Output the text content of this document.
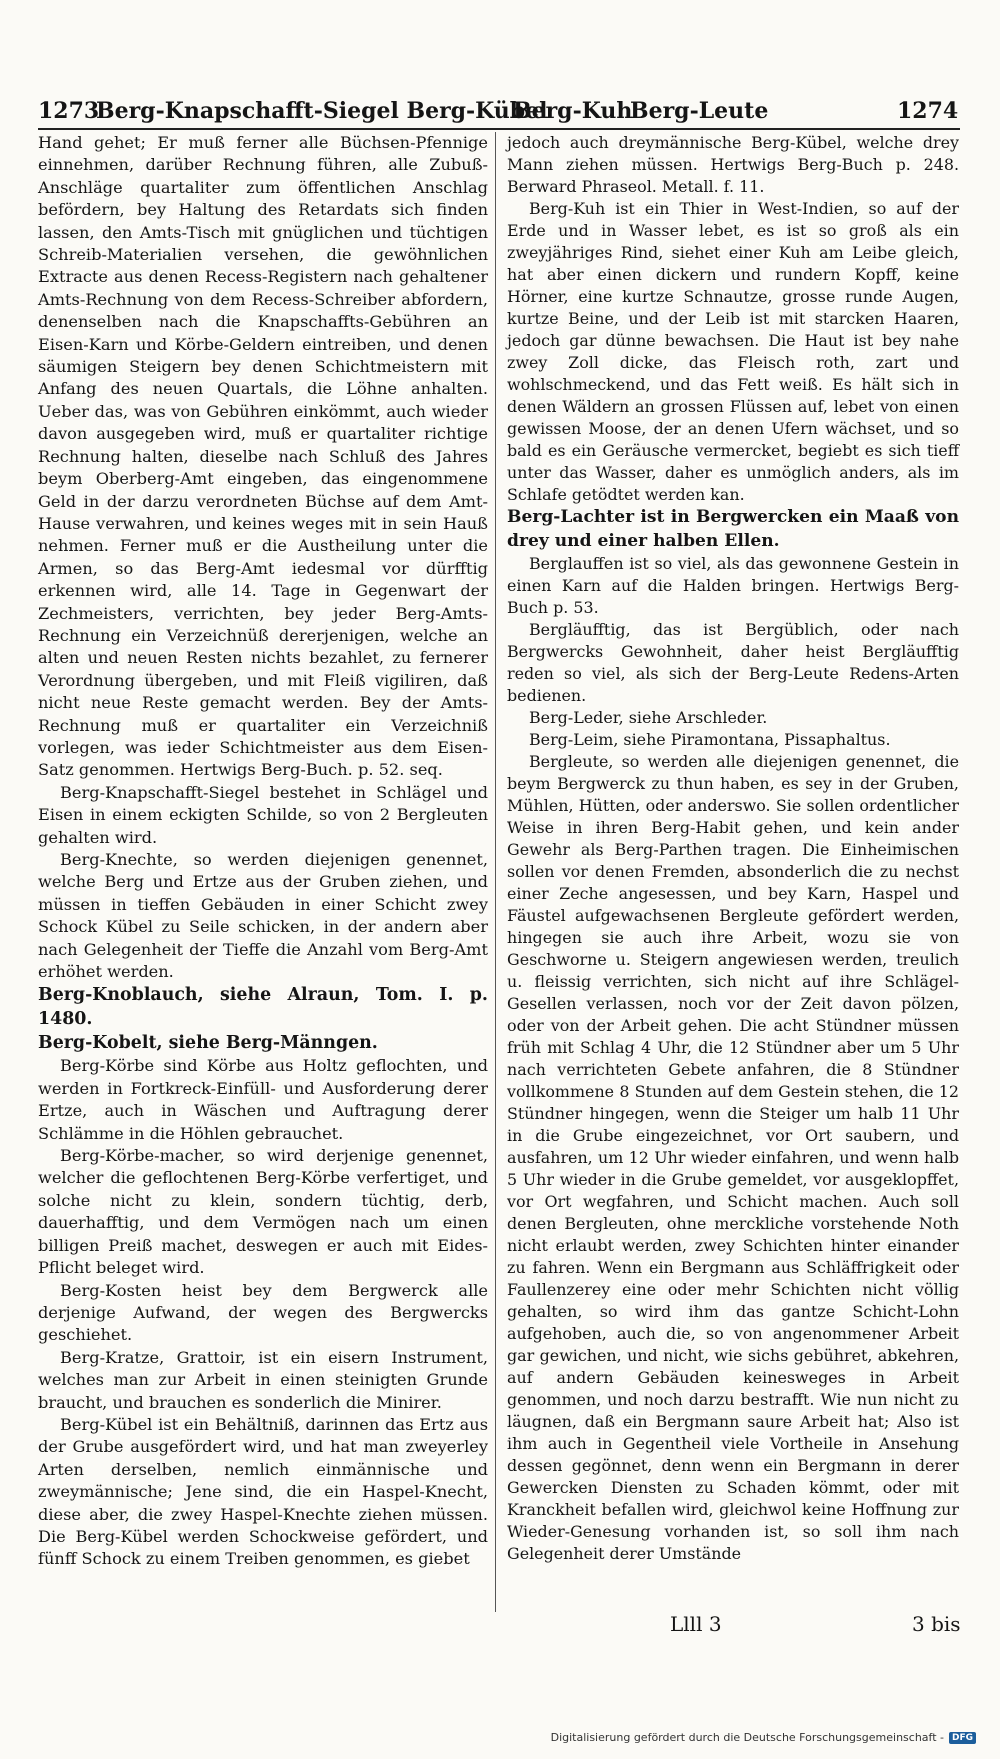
1273
Berg-Knapschafft-Siegel Berg-Kübel
Berg-Kuh
Berg-Leute	1274

Hand gehet; Er muß ferner alle Büchsen-Pfennige einnehmen, darüber Rechnung führen, alle Zubuß-Anschläge quartaliter zum öffentlichen Anschlag befördern, bey Haltung des Retardats sich finden lassen, den Amts-Tisch mit gnüglichen und tüchtigen Schreib-Materialien versehen, die gewöhnlichen Extracte aus denen Recess-Registern nach gehaltener Amts-Rechnung von dem Recess-Schreiber abfordern, denenselben nach die Knapschaffts-Gebühren an Eisen-Karn und Körbe-Geldern eintreiben, und denen säumigen Steigern bey denen Schichtmeistern mit Anfang des neuen Quartals, die Löhne anhalten. Ueber das, was von Gebühren einkömmt, auch wieder davon ausgegeben wird, muß er quartaliter richtige Rechnung halten, dieselbe nach Schluß des Jahres beym Oberberg-Amt eingeben, das eingenommene Geld in der darzu verordneten Büchse auf dem Amt-Hause verwahren, und keines weges mit in sein Hauß nehmen. Ferner muß er die Austheilung unter die Armen, so das Berg-Amt iedesmal vor dürfftig erkennen wird, alle 14. Tage in Gegenwart der Zechmeisters, verrichten, bey jeder Berg-Amts-Rechnung ein Verzeichnüß dererjenigen, welche an alten und neuen Resten nichts bezahlet, zu fernerer Verordnung übergeben, und mit Fleiß vigiliren, daß nicht neue Reste gemacht werden. Bey der Amts-Rechnung muß er quartaliter ein Verzeichniß vorlegen, was ieder Schichtmeister aus dem Eisen-Satz genommen. Hertwigs Berg-Buch. p. 52. seq.

Berg-Knapschafft-Siegel bestehet in Schlägel und Eisen in einem eckigten Schilde, so von 2 Bergleuten gehalten wird.

Berg-Knechte, so werden diejenigen genennet, welche Berg und Ertze aus der Gruben ziehen, und müssen in tieffen Gebäuden in einer Schicht zwey Schock Kübel zu Seile schicken, in der andern aber nach Gelegenheit der Tieffe die Anzahl vom Berg-Amt erhöhet werden.

Berg-Knoblauch, siehe Alraun, Tom. I. p. 1480.

Berg-Kobelt, siehe Berg-Männgen.

Berg-Körbe sind Körbe aus Holtz geflochten, und werden in Fortkreck-Einfüll- und Ausforderung derer Ertze, auch in Wäschen und Auftragung derer Schlämme in die Höhlen gebrauchet.

Berg-Körbe-macher, so wird derjenige genennet, welcher die geflochtenen Berg-Körbe verfertiget, und solche nicht zu klein, sondern tüchtig, derb, dauerhafftig, und dem Vermögen nach um einen billigen Preiß machet, deswegen er auch mit Eides-Pflicht beleget wird.

Berg-Kosten heist bey dem Bergwerck alle derjenige Aufwand, der wegen des Bergwercks geschiehet.

Berg-Kratze, Grattoir, ist ein eisern Instrument, welches man zur Arbeit in einen steinigten Grunde braucht, und brauchen es sonderlich die Minirer.

Berg-Kübel ist ein Behältniß, darinnen das Ertz aus der Grube ausgefördert wird, und hat man zweyerley Arten derselben, nemlich einmännische und zweymännische; Jene sind, die ein Haspel-Knecht, diese aber, die zwey Haspel-Knechte ziehen müssen. Die Berg-Kübel werden Schockweise gefördert, und fünff Schock zu einem Treiben genommen, es giebet

jedoch auch dreymännische Berg-Kübel, welche drey Mann ziehen müssen. Hertwigs Berg-Buch p. 248. Berward Phraseol. Metall. f. 11.

Berg-Kuh ist ein Thier in West-Indien, so auf der Erde und in Wasser lebet, es ist so groß als ein zweyjähriges Rind, siehet einer Kuh am Leibe gleich, hat aber einen dickern und rundern Kopff, keine Hörner, eine kurtze Schnautze, grosse runde Augen, kurtze Beine, und der Leib ist mit starcken Haaren, jedoch gar dünne bewachsen. Die Haut ist bey nahe zwey Zoll dicke, das Fleisch roth, zart und wohlschmeckend, und das Fett weiß. Es hält sich in denen Wäldern an grossen Flüssen auf, lebet von einen gewissen Moose, der an denen Ufern wächset, und so bald es ein Geräusche vermercket, begiebt es sich tieff unter das Wasser, daher es unmöglich anders, als im Schlafe getödtet werden kan.

Berg-Lachter ist in Bergwercken ein Maaß von drey und einer halben Ellen.

Berglauffen ist so viel, als das gewonnene Gestein in einen Karn auf die Halden bringen. Hertwigs Berg-Buch p. 53.

Bergläufftig, das ist Bergüblich, oder nach Bergwercks Gewohnheit, daher heist Bergläufftig reden so viel, als sich der Berg-Leute Redens-Arten bedienen.

Berg-Leder, siehe Arschleder.

Berg-Leim, siehe Piramontana, Pissaphaltus.

Bergleute, so werden alle diejenigen genennet, die beym Bergwerck zu thun haben, es sey in der Gruben, Mühlen, Hütten, oder anderswo. Sie sollen ordentlicher Weise in ihren Berg-Habit gehen, und kein ander Gewehr als Berg-Parthen tragen. Die Einheimischen sollen vor denen Fremden, absonderlich die zu nechst einer Zeche angesessen, und bey Karn, Haspel und Fäustel aufgewachsenen Bergleute gefördert werden, hingegen sie auch ihre Arbeit, wozu sie von Geschworne u. Steigern angewiesen werden, treulich u. fleissig verrichten, sich nicht auf ihre Schlägel-Gesellen verlassen, noch vor der Zeit davon pölzen, oder von der Arbeit gehen. Die acht Stündner müssen früh mit Schlag 4 Uhr, die 12 Stündner aber um 5 Uhr nach verrichteten Gebete anfahren, die 8 Stündner vollkommene 8 Stunden auf dem Gestein stehen, die 12 Stündner hingegen, wenn die Steiger um halb 11 Uhr in die Grube eingezeichnet, vor Ort saubern, und ausfahren, um 12 Uhr wieder einfahren, und wenn halb 5 Uhr wieder in die Grube gemeldet, vor ausgeklopffet, vor Ort wegfahren, und Schicht machen. Auch soll denen Bergleuten, ohne merckliche vorstehende Noth nicht erlaubt werden, zwey Schichten hinter einander zu fahren. Wenn ein Bergmann aus Schläffrigkeit oder Faullenzerey eine oder mehr Schichten nicht völlig gehalten, so wird ihm das gantze Schicht-Lohn aufgehoben, auch die, so von angenommener Arbeit gar gewichen, und nicht, wie sichs gebühret, abkehren, auf andern Gebäuden keinesweges in Arbeit genommen, und noch darzu bestrafft. Wie nun nicht zu läugnen, daß ein Bergmann saure Arbeit hat; Also ist ihm auch in Gegentheil viele Vortheile in Ansehung dessen gegönnet, denn wenn ein Bergmann in derer Gewercken Diensten zu Schaden kömmt, oder mit Kranckheit befallen wird, gleichwol keine Hoffnung zur Wieder-Genesung vorhanden ist, so soll ihm nach Gelegenheit derer Umstände

Llll 3	3 bis
Digitalisierung gefördert durch die Deutsche Forschungsgemeinschaft - DFG
